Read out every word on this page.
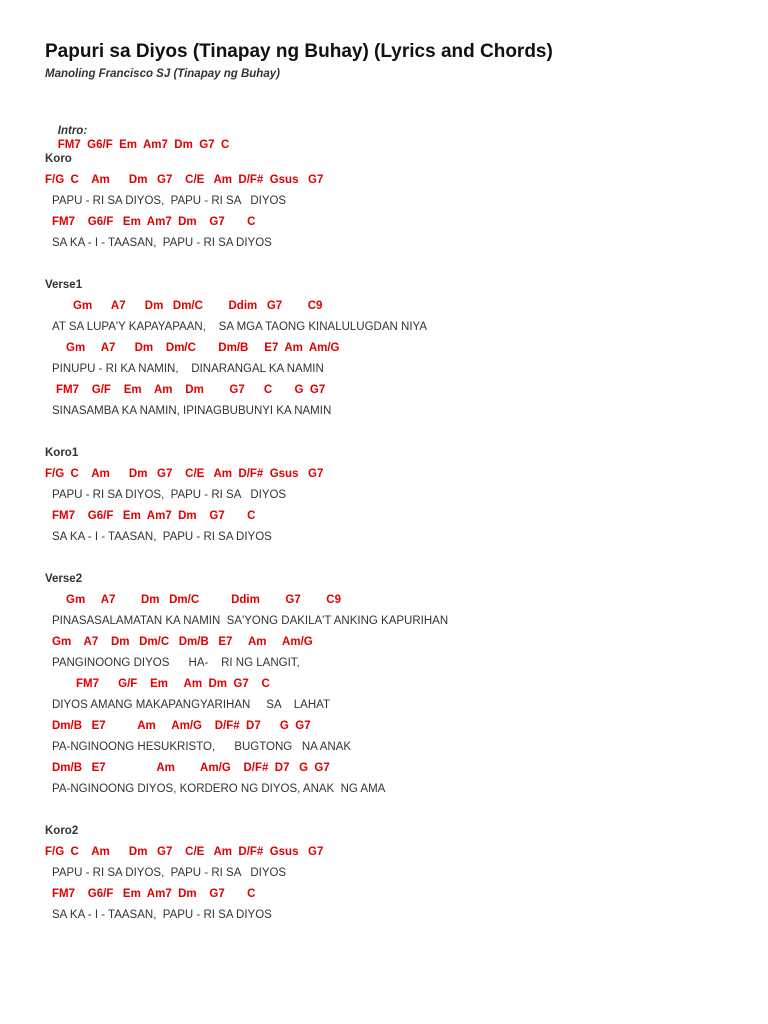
Papuri sa Diyos (Tinapay ng Buhay) (Lyrics and Chords)
Manoling Francisco SJ (Tinapay ng Buhay)

Intro:
FM7  G6/F  Em  Am7  Dm  G7  C

Koro
F/G  C    Am      Dm   G7    C/E   Am  D/F#  Gsus   G7
PAPU - RI SA DIYOS,  PAPU - RI SA   DIYOS
FM7    G6/F   Em  Am7  Dm    G7       C
SA KA - I - TAASAN,  PAPU - RI SA DIYOS
Verse1
Gm      A7      Dm   Dm/C        Ddim   G7        C9
AT SA LUPA'Y KAPAYAPAAN,    SA MGA TAONG KINALULUGDAN NIYA
Gm     A7      Dm    Dm/C       Dm/B     E7  Am  Am/G
PINUPU - RI KA NAMIN,    DINARANGAL KA NAMIN
FM7    G/F    Em    Am    Dm        G7      C       G  G7
SINASAMBA KA NAMIN, IPINAGBUBUNYI KA NAMIN
Koro1
F/G  C    Am      Dm   G7    C/E   Am  D/F#  Gsus   G7
PAPU - RI SA DIYOS,  PAPU - RI SA   DIYOS
FM7    G6/F   Em  Am7  Dm    G7       C
SA KA - I - TAASAN,  PAPU - RI SA DIYOS
Verse2
Gm     A7        Dm   Dm/C          Ddim        G7        C9
PINASASALAMATAN KA NAMIN  SA'YONG DAKILA'T ANKING KAPURIHAN
Gm    A7    Dm   Dm/C   Dm/B   E7     Am     Am/G
PANGINOONG DIYOS      HA-    RI NG LANGIT,
FM7      G/F    Em     Am  Dm  G7    C
DIYOS AMANG MAKAPANGYARIHAN     SA    LAHAT
Dm/B   E7          Am     Am/G    D/F#  D7      G  G7
PA-NGINOONG HESUKRISTO,      BUGTONG   NA ANAK
Dm/B   E7                Am        Am/G    D/F#  D7   G  G7
PA-NGINOONG DIYOS, KORDERO NG DIYOS, ANAK  NG AMA
Koro2
F/G  C    Am      Dm   G7    C/E   Am  D/F#  Gsus   G7
PAPU - RI SA DIYOS,  PAPU - RI SA   DIYOS
FM7    G6/F   Em  Am7  Dm    G7       C
SA KA - I - TAASAN,  PAPU - RI SA DIYOS
